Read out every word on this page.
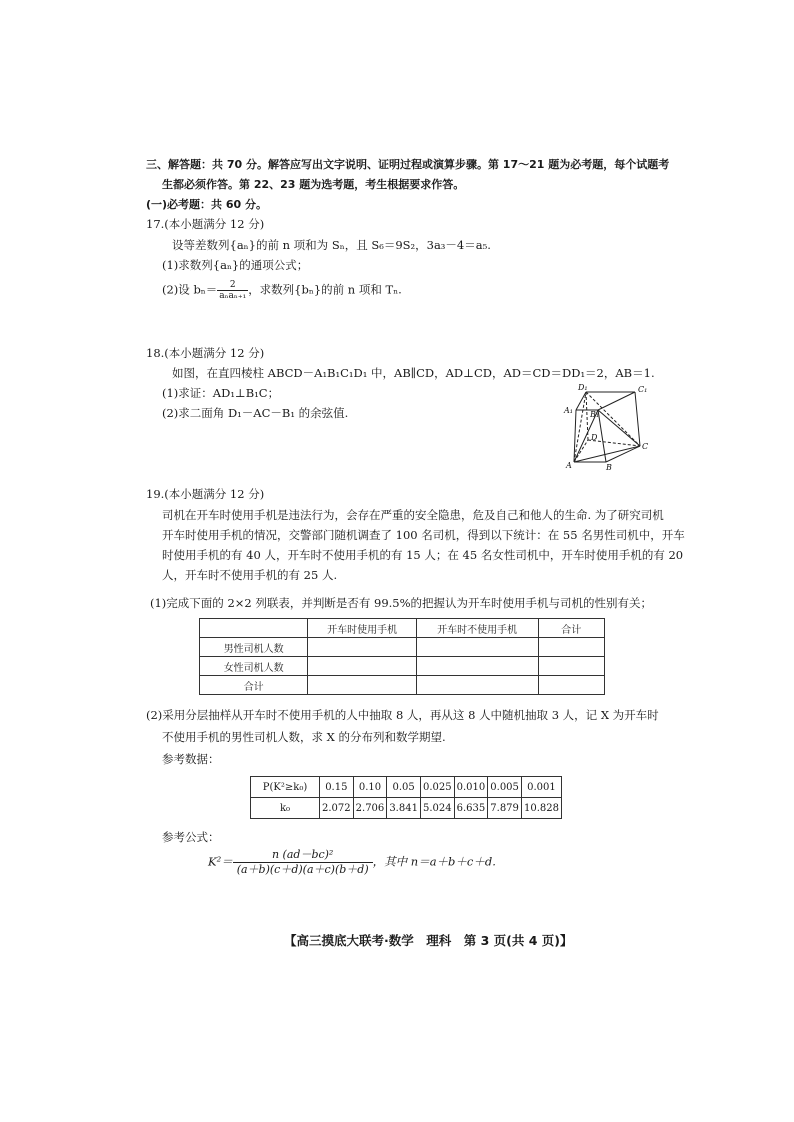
三、解答题：共 70 分。解答应写出文字说明、证明过程或演算步骤。第 17～21 题为必考题，每个试题考
生都必须作答。第 22、23 题为选考题，考生根据要求作答。
(一)必考题：共 60 分。
17.(本小题满分 12 分)
设等差数列{aₙ}的前 n 项和为 Sₙ，且 S₆＝9S₂，3a₃－4＝a₅.
(1)求数列{aₙ}的通项公式；
(2)设 $b_n= \frac{2}{\text{aₙaₙ₊₁}}$ ，求数列{bₙ}的前 n 项和 Tₙ.
18.(本小题满分 12 分)
如图，在直四棱柱 ABCD－A₁B₁C₁D₁ 中，AB∥CD，AD⊥CD，AD＝CD＝DD₁＝2，AB＝1.
(1)求证：AD₁⊥B₁C；
(2)求二面角 D₁－AC－B₁ 的余弦值.
D₁	C₁
A₁ B₁
D
C
A	B
19.(本小题满分 12 分)
司机在开车时使用手机是违法行为，会存在严重的安全隐患，危及自己和他人的生命. 为了研究司机
开车时使用手机的情况，交警部门随机调查了 100 名司机，得到以下统计：在 55 名男性司机中，开车
时使用手机的有 40 人，开车时不使用手机的有 15 人；在 45 名女性司机中，开车时使用手机的有 20
人，开车时不使用手机的有 25 人.
(1)完成下面的 2×2 列联表，并判断是否有 99.5%的把握认为开车时使用手机与司机的性别有关；
	开车时使用手机	开车时不使用手机	合计
男性司机人数			
女性司机人数			
合计			
(2)采用分层抽样从开车时不使用手机的人中抽取 8 人，再从这 8 人中随机抽取 3 人，记 X 为开车时
不使用手机的男性司机人数，求 X 的分布列和数学期望.
参考数据：
P(K²≥k₀)	0.15	0.10	0.05	0.025	0.010	0.005	0.001
k₀	2.072	2.706	3.841	5.024	6.635	7.879	10.828
参考公式：
$K^2= \frac{\text{n (ad－bc)²}}{(a+b)(c+d)(a+c)(b+d)}$ ，其中 n＝a＋b＋c＋d.
【高三摸底大联考·数学　理科　第 3 页(共 4 页)】
